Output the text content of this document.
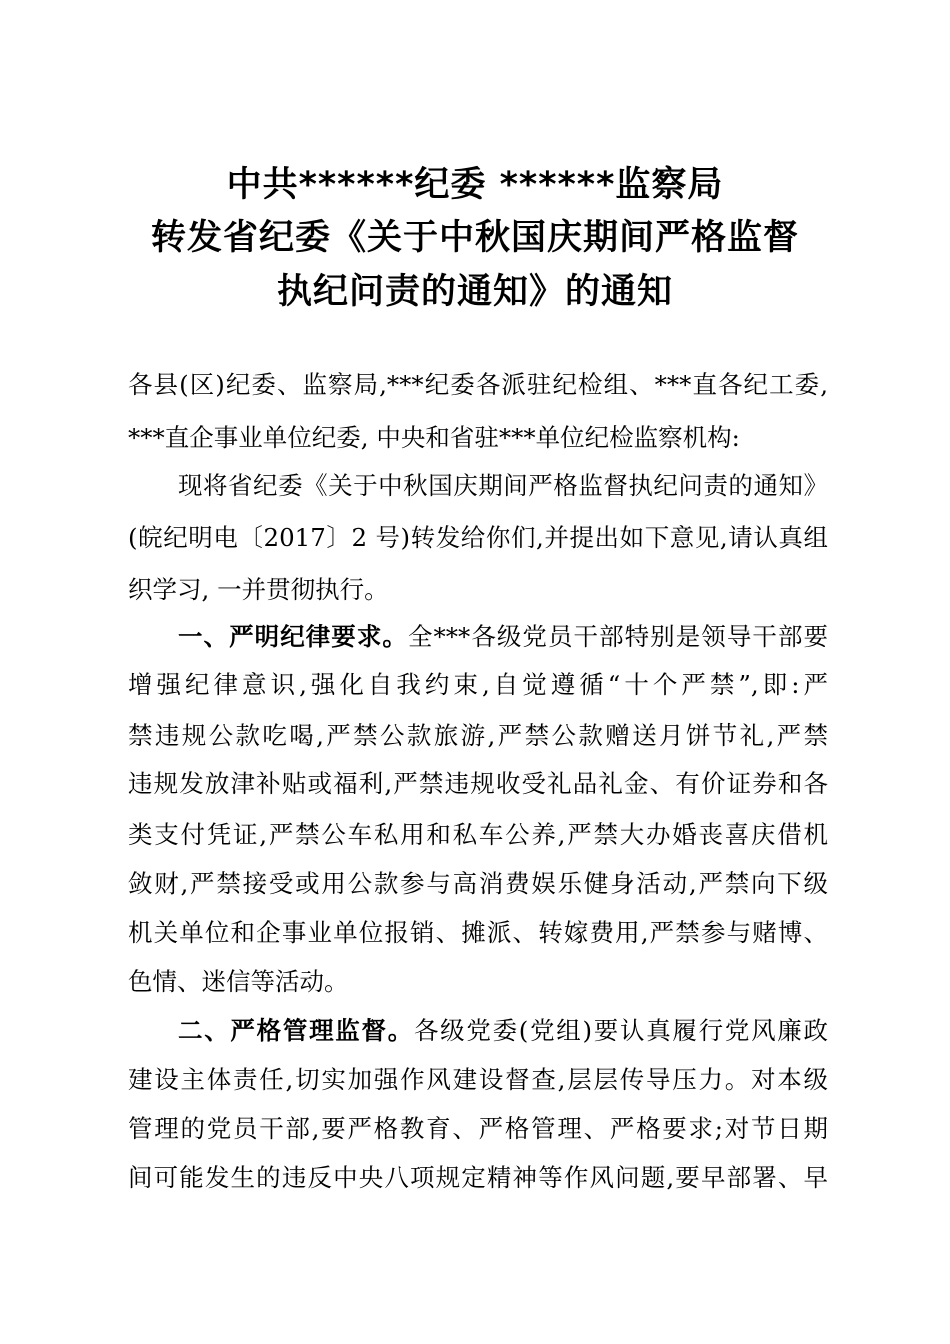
中共******纪委 ******监察局
转发省纪委《关于中秋国庆期间严格监督
执纪问责的通知》的通知
各县(区)纪委、监察局,***纪委各派驻纪检组、***直各纪工委,
***直企事业单位纪委, 中央和省驻***单位纪检监察机构:
现将省纪委《关于中秋国庆期间严格监督执纪问责的通知》
(皖纪明电〔2017〕2 号)转发给你们,并提出如下意见,请认真组
织学习, 一并贯彻执行。
一、严明纪律要求。全***各级党员干部特别是领导干部要
增强纪律意识,强化自我约束,自觉遵循“十个严禁”,即:严
禁违规公款吃喝,严禁公款旅游,严禁公款赠送月饼节礼,严禁
违规发放津补贴或福利,严禁违规收受礼品礼金、有价证券和各
类支付凭证,严禁公车私用和私车公养,严禁大办婚丧喜庆借机
敛财,严禁接受或用公款参与高消费娱乐健身活动,严禁向下级
机关单位和企事业单位报销、摊派、转嫁费用,严禁参与赌博、
色情、迷信等活动。
二、严格管理监督。各级党委(党组)要认真履行党风廉政
建设主体责任,切实加强作风建设督查,层层传导压力。对本级
管理的党员干部,要严格教育、严格管理、严格要求;对节日期
间可能发生的违反中央八项规定精神等作风问题,要早部署、早
